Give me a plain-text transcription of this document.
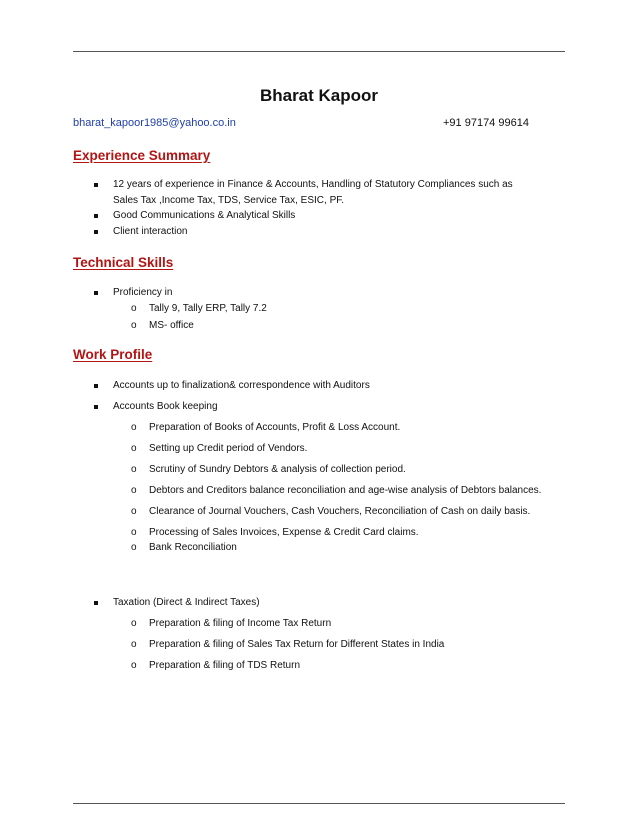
Bharat Kapoor
bharat_kapoor1985@yahoo.co.in	+91 97174 99614
Experience Summary
12 years of experience in Finance & Accounts, Handling of Statutory Compliances such as
Sales Tax ,Income Tax, TDS, Service Tax, ESIC, PF.
Good Communications & Analytical Skills
Client interaction
Technical Skills
Proficiency in
o Tally 9, Tally ERP, Tally 7.2
o MS- office
Work Profile
Accounts up to finalization& correspondence with Auditors
Accounts Book keeping
o Preparation of Books of Accounts, Profit & Loss Account.
o Setting up Credit period of Vendors.
o Scrutiny of Sundry Debtors & analysis of collection period.
o Debtors and Creditors balance reconciliation and age-wise analysis of Debtors balances.
o Clearance of Journal Vouchers, Cash Vouchers, Reconciliation of Cash on daily basis.
o Processing of Sales Invoices, Expense & Credit Card claims.
o Bank Reconciliation
Taxation (Direct & Indirect Taxes)
o Preparation & filing of Income Tax Return
o Preparation & filing of Sales Tax Return for Different States in India
o Preparation & filing of TDS Return
